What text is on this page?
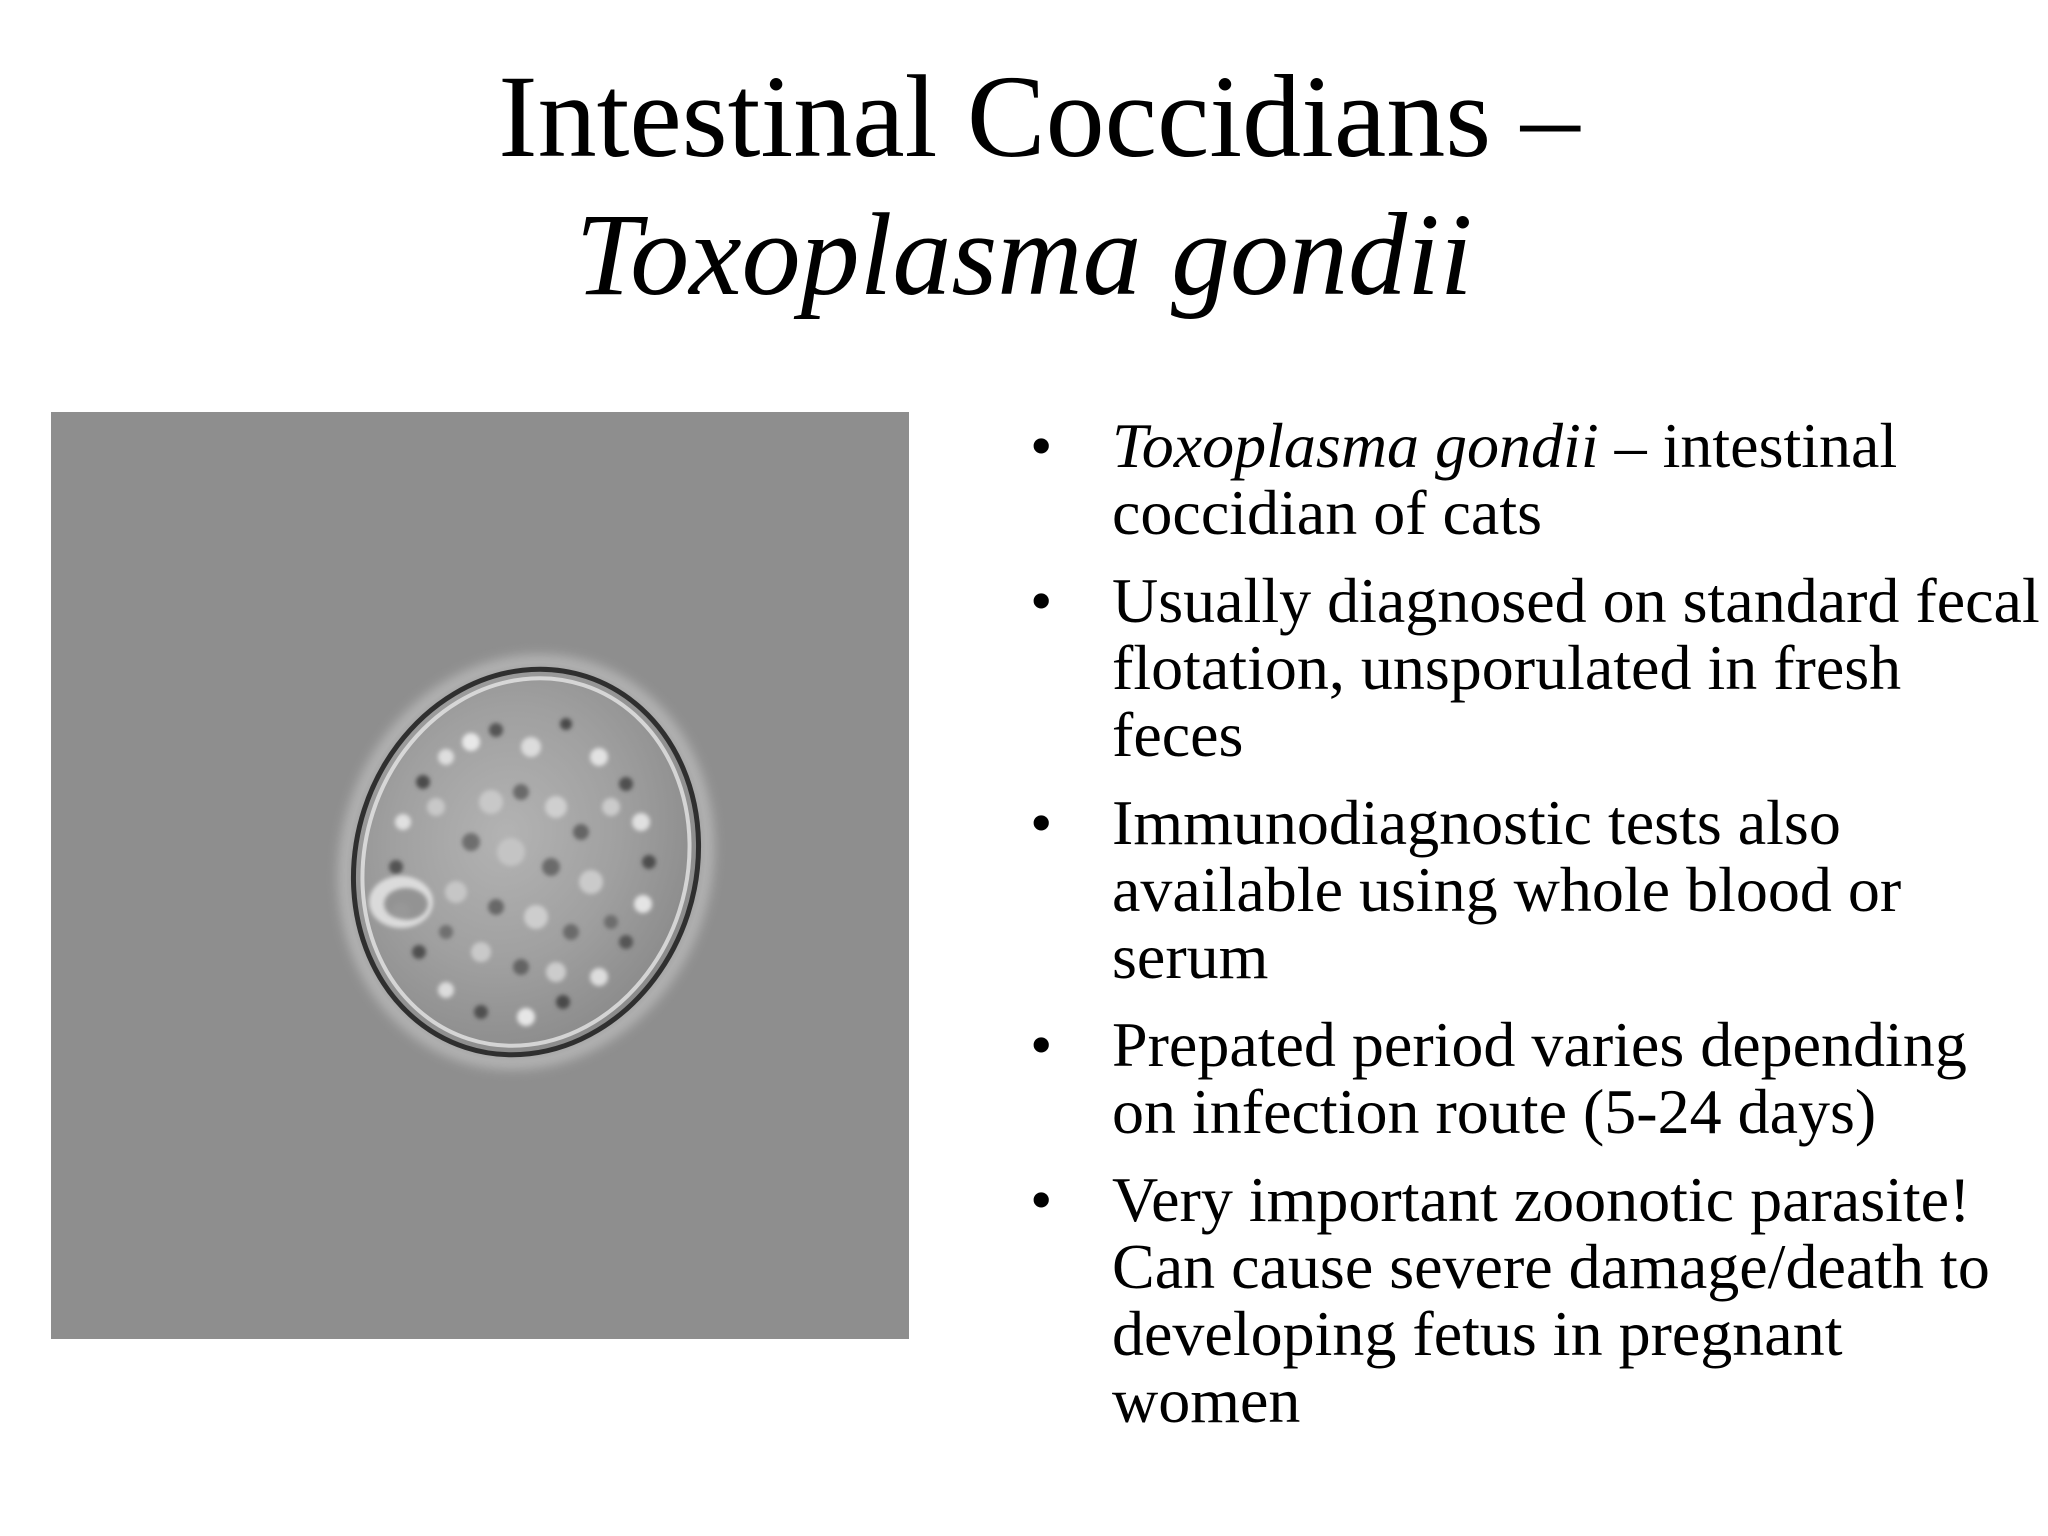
Intestinal Coccidians –
Toxoplasma gondii
• Toxoplasma gondii – intestinal coccidian of cats
• Usually diagnosed on standard fecal flotation, unsporulated in fresh feces
• Immunodiagnostic tests also available using whole blood or serum
• Prepated period varies depending on infection route (5-24 days)
• Very important zoonotic parasite! Can cause severe damage/death to developing fetus in pregnant women
